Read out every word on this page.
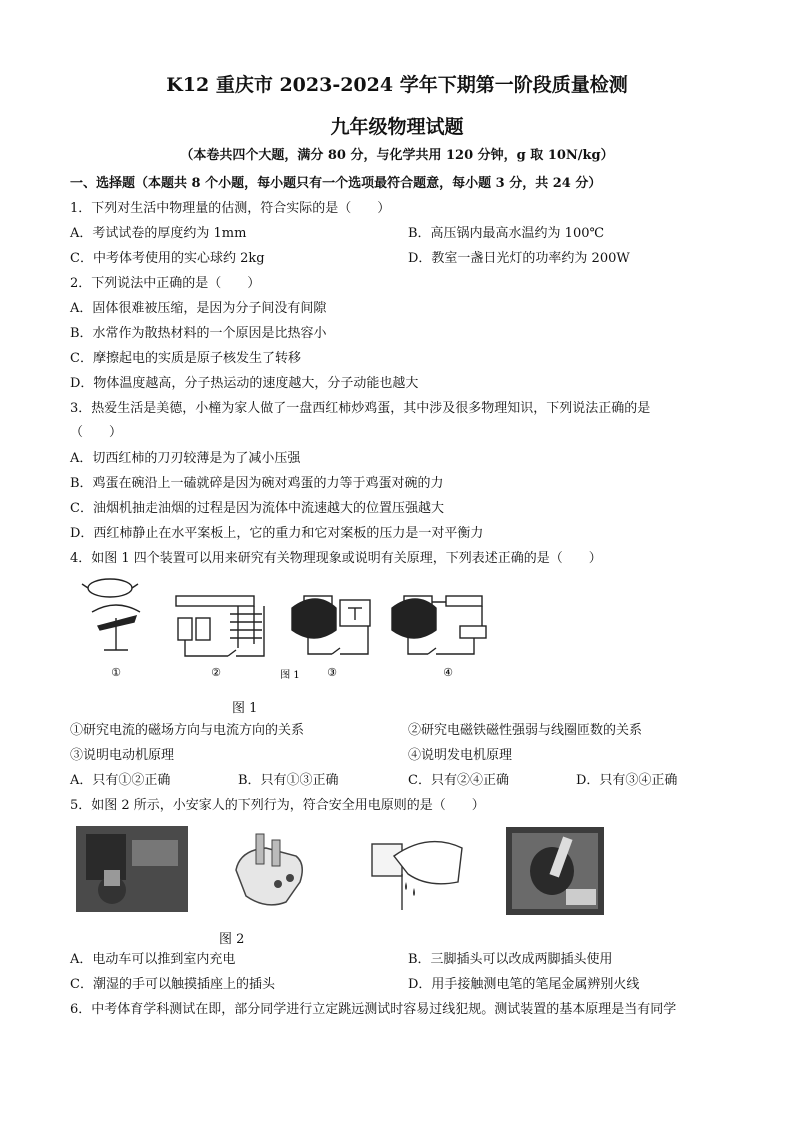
K12 重庆市 2023-2024 学年下期第一阶段质量检测
九年级物理试题
（本卷共四个大题，满分 80 分，与化学共用 120 分钟，g 取 10N/kg）
一、选择题（本题共 8 个小题，每小题只有一个选项最符合题意，每小题 3 分，共 24 分）
1．下列对生活中物理量的估测，符合实际的是（　　）
A．考试试卷的厚度约为 1mm	B．高压锅内最高水温约为 100℃
C．中考体考使用的实心球约 2kg	D．教室一盏日光灯的功率约为 200W
2．下列说法中正确的是（　　）
A．固体很难被压缩，是因为分子间没有间隙
B．水常作为散热材料的一个原因是比热容小
C．摩擦起电的实质是原子核发生了转移
D．物体温度越高，分子热运动的速度越大，分子动能也越大
3．热爱生活是美德，小橦为家人做了一盘西红柿炒鸡蛋，其中涉及很多物理知识，下列说法正确的是
（　　）
A．切西红柿的刀刃较薄是为了减小压强
B．鸡蛋在碗沿上一磕就碎是因为碗对鸡蛋的力等于鸡蛋对碗的力
C．油烟机抽走油烟的过程是因为流体中流速越大的位置压强越大
D．西红柿静止在水平案板上，它的重力和它对案板的压力是一对平衡力
4．如图 1 四个装置可以用来研究有关物理现象或说明有关原理，下列表述正确的是（　　）
①	②	图 1 ③	④
图 1
①研究电流的磁场方向与电流方向的关系	②研究电磁铁磁性强弱与线圈匝数的关系
③说明电动机原理	④说明发电机原理
A．只有①②正确	B．只有①③正确	C．只有②④正确	D．只有③④正确
5．如图 2 所示，小安家人的下列行为，符合安全用电原则的是（　　）
图 2
A．电动车可以推到室内充电	B．三脚插头可以改成两脚插头使用
C．潮湿的手可以触摸插座上的插头	D．用手接触测电笔的笔尾金属辨别火线
6．中考体育学科测试在即，部分同学进行立定跳远测试时容易过线犯规。测试装置的基本原理是当有同学
